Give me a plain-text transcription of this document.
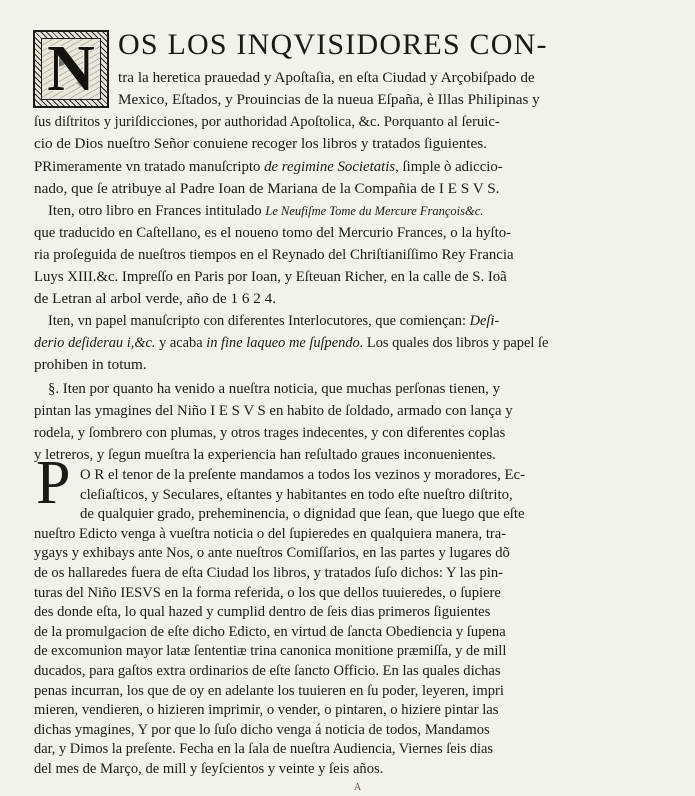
N OS LOS INQVISIDORES CON-
tra la heretica prauedad y Apoſtaſia, en eſta Ciudad y Arçobiſpado de
Mexico, Eſtados, y Prouincias de la nueua Eſpaña, è Illas Philipinas y
ſus diſtritos y juriſdicciones, por authoridad Apoſtolica, &c. Porquanto al ſeruic-
cio de Dios nueſtro Señor conuiene recoger los libros y tratados ſiguientes.
PRimeramente vn tratado manuſcripto de regimine Societatis, ſimple ò adiccio-
nado, que ſe atribuye al Padre Ioan de Mariana de la Compañia de I E S V S.
Iten, otro libro en Frances intitulado Le Neufiſme Tome du Mercure François&c.
que traducido en Caſtellano, es el noueno tomo del Mercurio Frances, o la hyſto-
ria proſeguida de nueſtros tiempos en el Reynado del Chriſtianiſſimo Rey Francia
Luys XIII.&c. Impreſſo en Paris por Ioan, y Eſteuan Richer, en la calle de S. Ioã
de Letran al arbol verde, año de 1 6 2 4.
Iten, vn papel manuſcripto con diferentes Interlocutores, que comiençan: Deſi-
derio deſiderau i,&c. y acaba in fine laqueo me ſuſpendo. Los quales dos libros y papel ſe
prohiben in totum.
§. Iten por quanto ha venido a nueſtra noticia, que muchas perſonas tienen, y
pintan las ymagines del Niño I E S V S en habito de ſoldado, armado con lança y
rodela, y ſombrero con plumas, y otros trages indecentes, y con diferentes coplas
y letreros, y ſegun mueſtra la experiencia han reſultado graues inconuenientes.
P O R el tenor de la preſente mandamos a todos los vezinos y moradores, Ec-
cleſiaſticos, y Seculares, eſtantes y habitantes en todo eſte nueſtro diſtrito,
de qualquier grado, preheminencia, o dignidad que ſean, que luego que eſte
nueſtro Edicto venga à vueſtra noticia o del ſupieredes en qualquiera manera, tra-
ygays y exhibays ante Nos, o ante nueſtros Comiſſarios, en las partes y lugares dõ
de os hallaredes fuera de eſta Ciudad los libros, y tratados ſuſo dichos: Y las pin-
turas del Niño IESVS en la forma referida, o los que dellos tuuieredes, o ſupiere
des donde eſta, lo qual hazed y cumplid dentro de ſeis dias primeros ſiguientes
de la promulgacion de eſte dicho Edicto, en virtud de ſancta Obediencia y ſupena
de excomunion mayor latæ ſententiæ trina canonica monitione præmiſſa, y de mill
ducados, para gaſtos extra ordinarios de eſte ſancto Officio. En las quales dichas
penas incurran, los que de oy en adelante los tuuieren en ſu poder, leyeren, impri
mieren, vendieren, o hizieren imprimir, o vender, o pintaren, o hiziere pintar las
dichas ymagines, Y por que lo ſuſo dicho venga á noticia de todos, Mandamos
dar, y Dimos la preſente. Fecha en la ſala de nueſtra Audiencia, Viernes ſeis dias
A
del mes de Março, de mill y ſeyſcientos y veinte y ſeis años.
